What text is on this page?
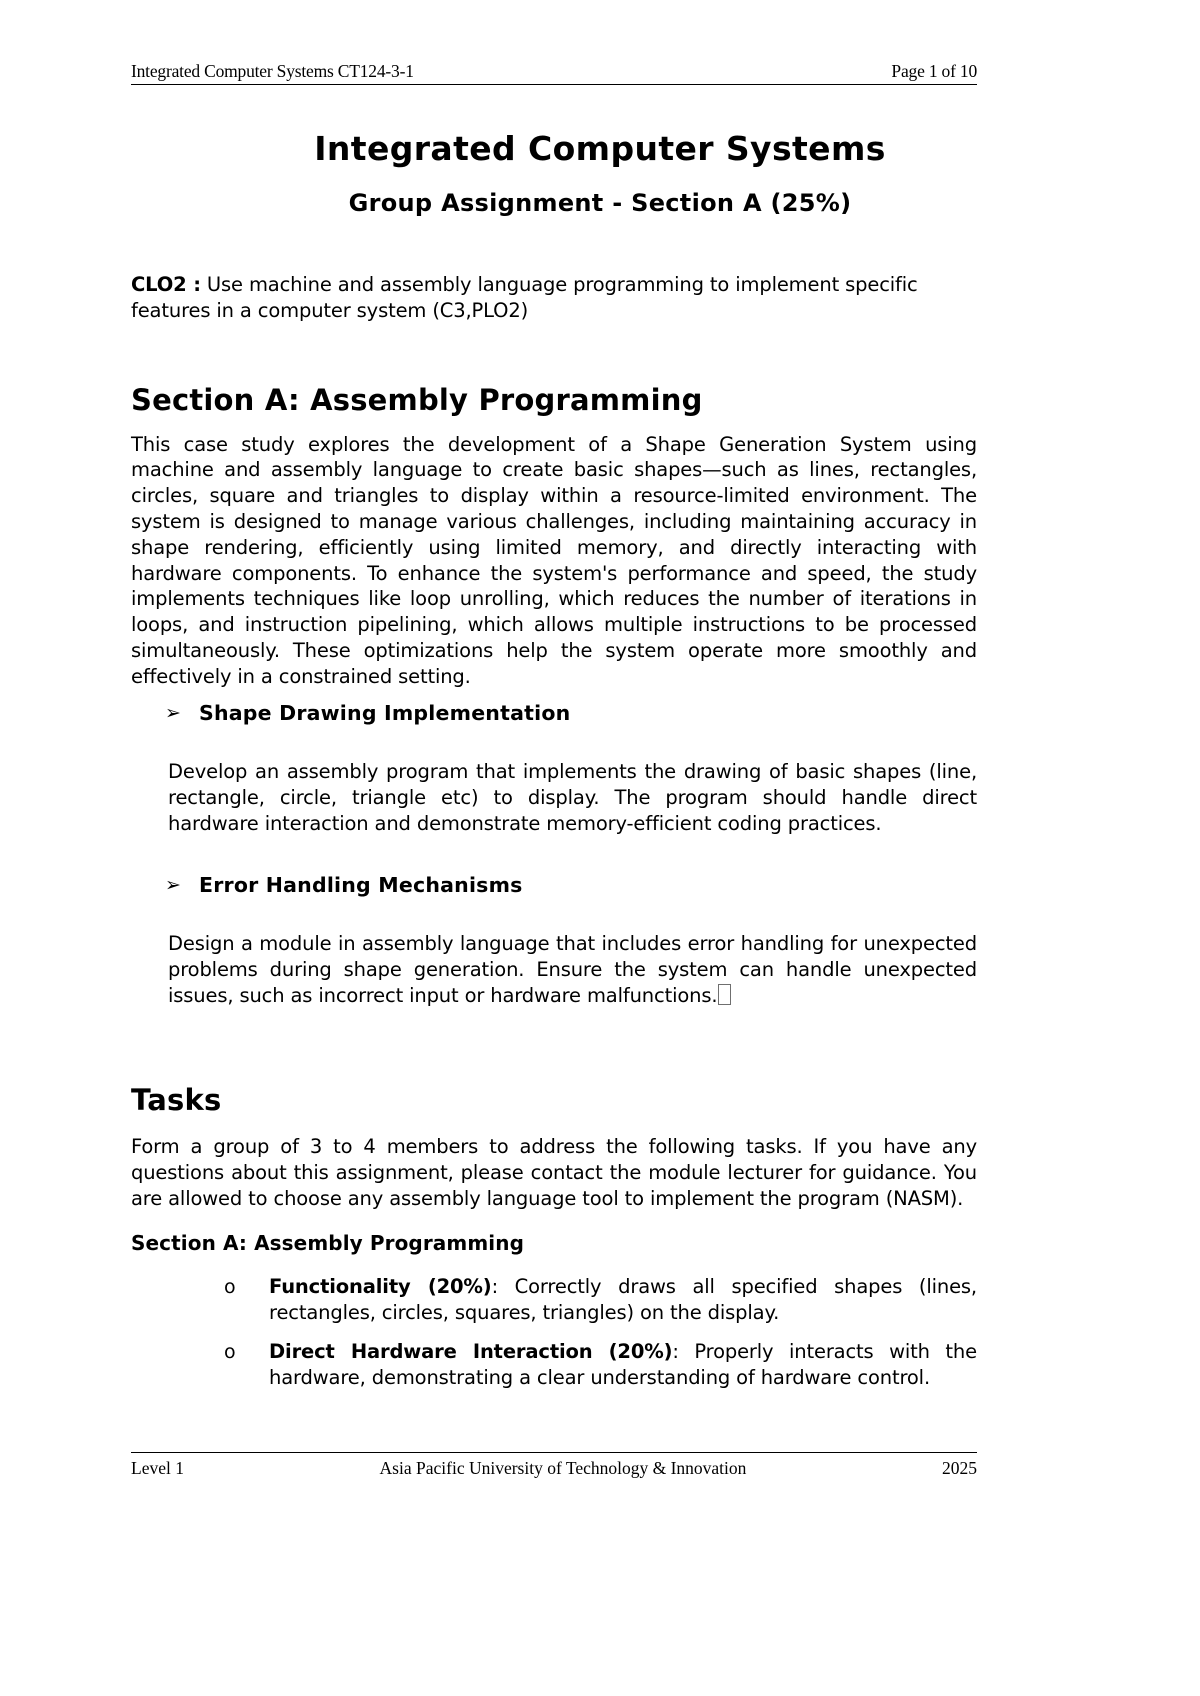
Integrated Computer Systems CT124-3-1	Page 1 of 10
Integrated Computer Systems
Group Assignment - Section A (25%)

CLO2 : Use machine and assembly language programming to implement specific features in a computer system (C3,PLO2)

Section A: Assembly Programming

This case study explores the development of a Shape Generation System using machine and assembly language to create basic shapes—such as lines, rectangles, circles, square and triangles to display within a resource-limited environment. The system is designed to manage various challenges, including maintaining accuracy in shape rendering, efficiently using limited memory, and directly interacting with hardware components. To enhance the system's performance and speed, the study implements techniques like loop unrolling, which reduces the number of iterations in loops, and instruction pipelining, which allows multiple instructions to be processed simultaneously. These optimizations help the system operate more smoothly and effectively in a constrained setting.

➢ Shape Drawing Implementation

Develop an assembly program that implements the drawing of basic shapes (line, rectangle, circle, triangle etc) to display. The program should handle direct hardware interaction and demonstrate memory-efficient coding practices.

➢ Error Handling Mechanisms

Design a module in assembly language that includes error handling for unexpected problems during shape generation. Ensure the system can handle unexpected issues, such as incorrect input or hardware malfunctions.

Tasks

Form a group of 3 to 4 members to address the following tasks. If you have any questions about this assignment, please contact the module lecturer for guidance. You are allowed to choose any assembly language tool to implement the program (NASM).

Section A: Assembly Programming
o	Functionality (20%): Correctly draws all specified shapes (lines, rectangles, circles, squares, triangles) on the display.
o	Direct Hardware Interaction (20%): Properly interacts with the hardware, demonstrating a clear understanding of hardware control.
Level 1	Asia Pacific University of Technology & Innovation	2025
